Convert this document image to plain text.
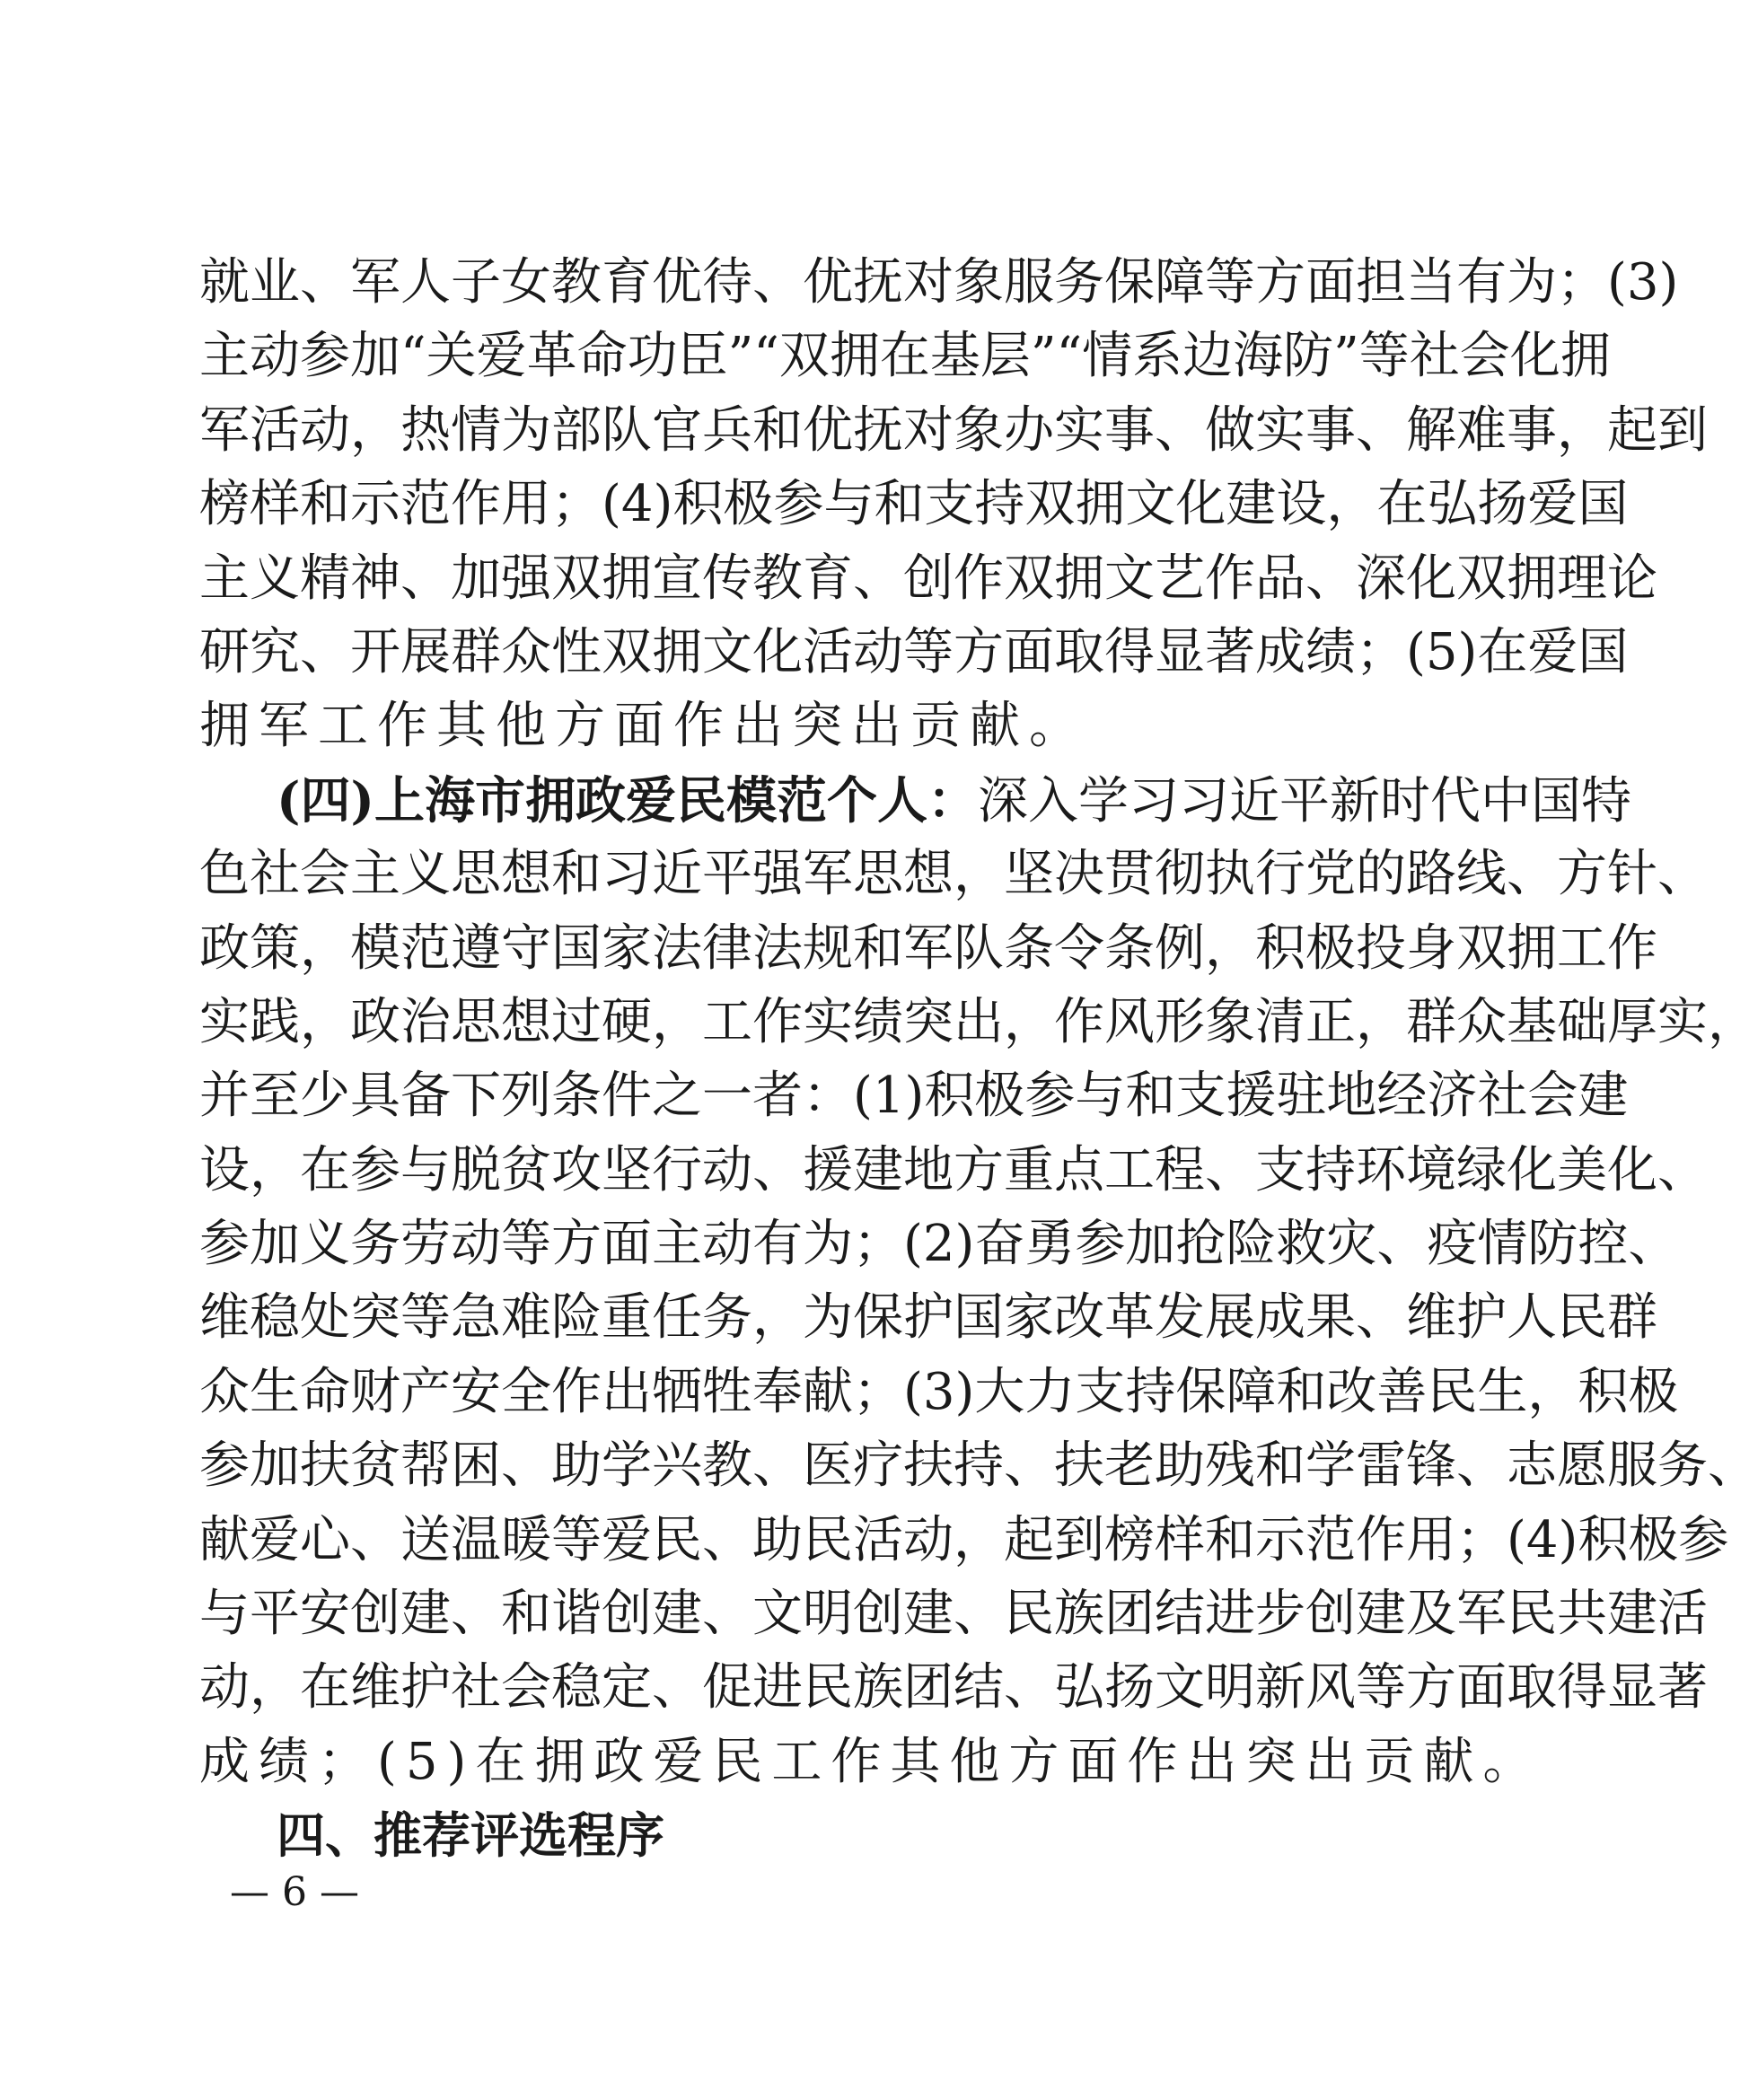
就业、军人子女教育优待、优抚对象服务保障等方面担当有为；(3)
主动参加“关爱革命功臣”“双拥在基层”“情系边海防”等社会化拥
军活动，热情为部队官兵和优抚对象办实事、做实事、解难事，起到
榜样和示范作用；(4)积极参与和支持双拥文化建设，在弘扬爱国
主义精神、加强双拥宣传教育、创作双拥文艺作品、深化双拥理论
研究、开展群众性双拥文化活动等方面取得显著成绩；(5)在爱国
拥军工作其他方面作出突出贡献。
(四)上海市拥政爱民模范个人：深入学习习近平新时代中国特
色社会主义思想和习近平强军思想，坚决贯彻执行党的路线、方针、
政策，模范遵守国家法律法规和军队条令条例，积极投身双拥工作
实践，政治思想过硬，工作实绩突出，作风形象清正，群众基础厚实，
并至少具备下列条件之一者：(1)积极参与和支援驻地经济社会建
设，在参与脱贫攻坚行动、援建地方重点工程、支持环境绿化美化、
参加义务劳动等方面主动有为；(2)奋勇参加抢险救灾、疫情防控、
维稳处突等急难险重任务，为保护国家改革发展成果、维护人民群
众生命财产安全作出牺牲奉献；(3)大力支持保障和改善民生，积极
参加扶贫帮困、助学兴教、医疗扶持、扶老助残和学雷锋、志愿服务、
献爱心、送温暖等爱民、助民活动，起到榜样和示范作用；(4)积极参
与平安创建、和谐创建、文明创建、民族团结进步创建及军民共建活
动，在维护社会稳定、促进民族团结、弘扬文明新风等方面取得显著
成绩；(5)在拥政爱民工作其他方面作出突出贡献。
四、推荐评选程序
— 6 —
